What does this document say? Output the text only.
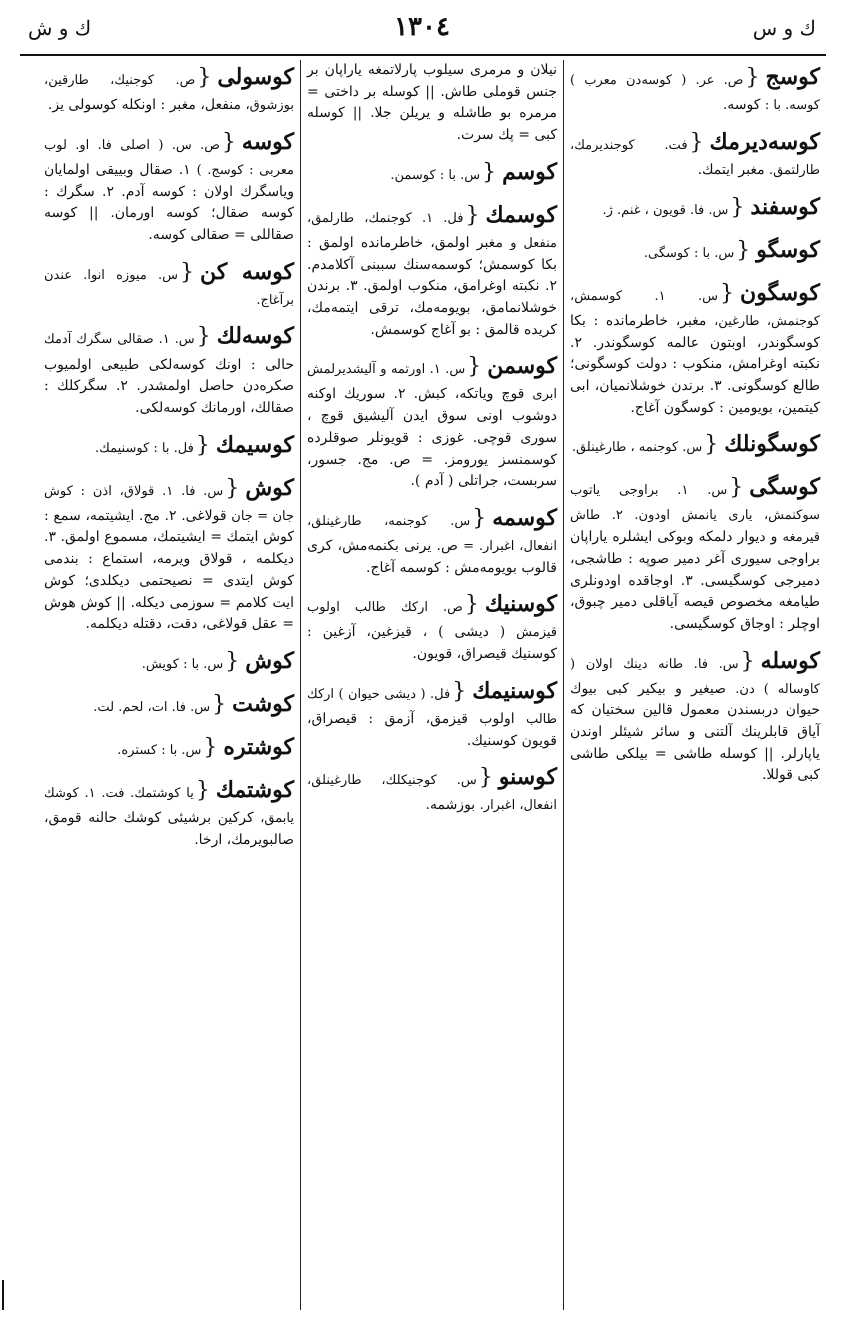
ك و س
١٣٠٤
ك و ش
كوسج{ص. عر. ( كوسه‌دن معرب ) كوسه. با : كوسه.
كوسه‌ديرمك{فت. كوجنديرمك، طارلتمق. مغبر ايتمك.
كوسفند{س. فا. قويون ، غنم. ژ.
كوسگو{س. با : كوسگى.
كوسگون{س. ١. كوسمش، كوجنمش، طارغين، مغبر، خاطرمانده : بكا كوسگوندر، اوبتون عالمه كوسگوندر. ٢. نكبته اوغرامش، منكوب : دولت كوسگونى؛ طالع كوسگونى. ٣. برندن خوشلانميان، ابى كيتمين، بويومين : كوسگون آغاج.
كوسگونلك{س. كوجنمه ، طارغينلق.
كوسگى{س. ١. براوجى ياتوب سوكنمش، يارى يانمش اودون. ٢. طاش قيرمغه و ديوار دلمكه وبوكى ايشلره ياراپان براوجى سيورى آغر دمير صوپه : طاشجى، دميرجى كوسگيسى. ٣. اوجاقده اودونلرى طيامغه مخصوص قيصه آياقلى دمير چبوق، اوچلر : اوجاق كوسگيسى.
كوسله{س. فا. طانه دينك اولان ( كاوساله ) دن. صيغير و بيكير كبى بيوك حيوان دربسندن معمول قالين سختيان كه آياق قابلرينك آلتنى و سائر شيئلر اوندن ياپارلر. || كوسله طاشى = بيلكى طاشى كبى قوللا.
نيلان و مرمرى سيلوب پارلاتمغه ياراپان بر جنس قوملى طاش. || كوسله بر داختى = مرمره بو طاشله و يريلن جلا. || كوسله كبى = پك سرت.
كوسم{س. با : كوسمن.
كوسمك{فل. ١. كوجنمك، طارلمق، منفعل و مغبر اولمق، خاطرمانده اولمق : بكا كوسمش؛ كوسمه‌سنك سببنى آكلامدم. ٢. نكبته اوغرامق، منكوب اولمق. ٣. برندن خوشلانمامق، بويومه‌مك، ترقى ايتمه‌مك، كريده قالمق : بو آغاج كوسمش.
كوسمن{س. ١. اورتمه و آليشديرلمش ابرى قوچ وياتكه، كبش. ٢. سوريك اوكنه دوشوب اونى سوق ايدن آليشيق قوچ ، سورى قوچى. غوزى : قويونلر صوقلرده كوسمنسز يورومز. = ص. مج. جسور، سربست، جراتلى ( آدم ).
كوسمه{س. كوجنمه، طارغينلق، انفعال، اغبرار. = ص. يرنى بكنمه‌مش، كرى قالوب بويومه‌مش : كوسمه آغاج.
كوسنيك{ص. اركك طالب اولوب قيزمش ( ديشى ) ، قيزغين، آزغين : كوسنيك قيصراق، قويون.
كوسنيمك{فل. ( ديشى حيوان ) اركك طالب اولوب قيزمق، آزمق : قيصراق، قويون كوسنيك.
كوسنو{س. كوجنيكلك، طارغينلق، انفعال، اغبرار. بوزشمه.
كوسولى{ص. كوجنيك، طارقين، بوزشوق، منفعل، مغبر : اونكله كوسولى يز.
كوسه{ص. س. ( اصلى فا. او. لوب معربى : كوسج. ) ١. صقال وبييقى اولمايان وياسگرك اولان : كوسه آدم. ٢. سگرك : كوسه صقال؛ كوسه اورمان. || كوسه صقاللى = صقالى كوسه.
كوسه كن{س. ميوزه انوا. عندن برآغاج.
كوسه‌لك{س. ١. صقالى سگرك آدمك حالى : اونك كوسه‌لكى طبيعى اولميوب صكره‌دن حاصل اولمشدر. ٢. سگركلك : صقالك، اورمانك كوسه‌لكى.
كوسيمك{فل. با : كوسنيمك.
كوش{س. فا. ١. قولاق، اذن : كوش جان = جان قولاغى. ٢. مج. ايشيتمه، سمع : كوش ايتمك = ايشيتمك، مسموع اولمق. ٣. ديكلمه ، قولاق ويرمه، استماع : بندمى كوش ايتدى = نصيحتمى ديكلدى؛ كوش ايت كلامم = سوزمى ديكله. || كوش هوش = عقل قولاغى، دقت، دقتله ديكلمه.
كوش{س. با : كويش.
كوشت{س. فا. ات، لحم. لت.
كوشتره{س. با : كستره.
كوشتمك{يا كوشتمك. فت. ١. كوشك يابمق، كركين برشيئى كوشك حالنه قومق، صالبويرمك، ارخا.
